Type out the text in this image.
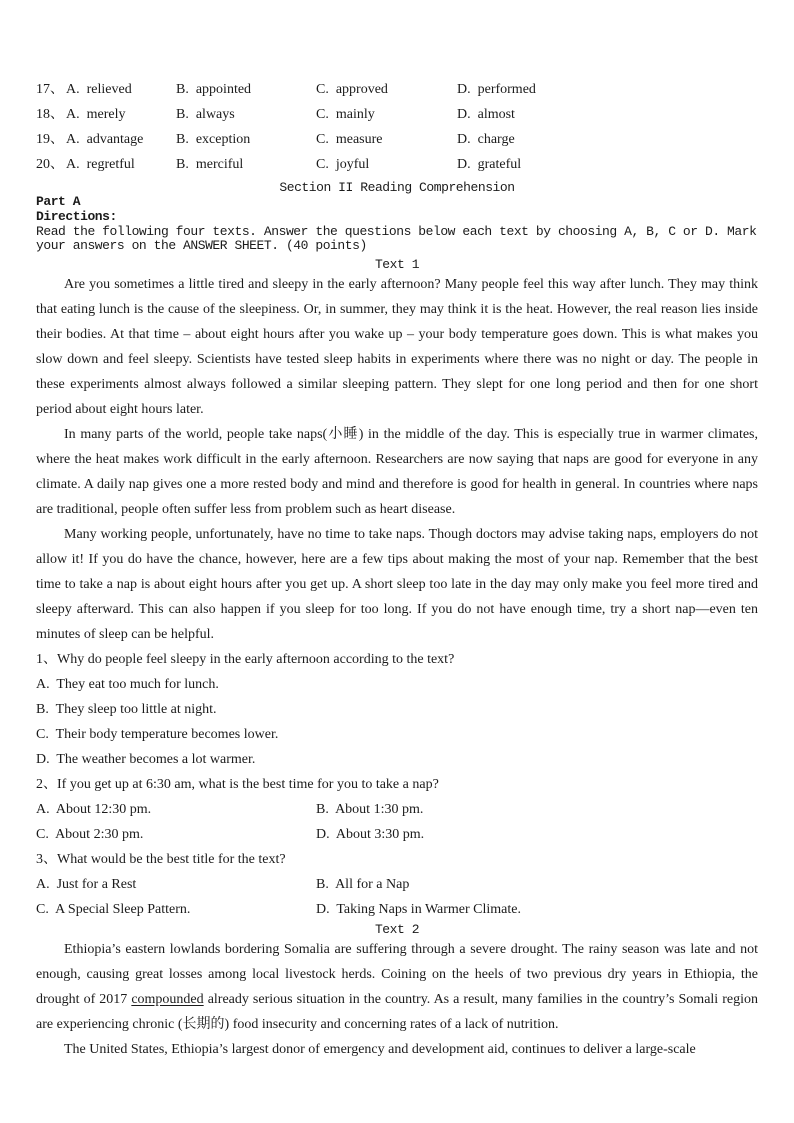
17、 A.  relieved	B.  appointed	C.  approved	D.  performed
18、 A.  merely	B.  always	C.  mainly	D.  almost
19、 A.  advantage	B.  exception	C.  measure	D.  charge
20、 A.  regretful	B.  merciful	C.  joyful	D.  grateful
Section II Reading Comprehension
Part A
Directions:
Read the following four texts. Answer the questions below each text by choosing A, B, C or D. Mark
your answers on the ANSWER SHEET. (40 points)
Text 1

Are you sometimes a little tired and sleepy in the early afternoon? Many people feel this way after lunch. They may think that eating lunch is the cause of the sleepiness. Or, in summer, they may think it is the heat. However, the real reason lies inside their bodies. At that time – about eight hours after you wake up – your body temperature goes down. This is what makes you slow down and feel sleepy. Scientists have tested sleep habits in experiments where there was no night or day. The people in these experiments almost always followed a similar sleeping pattern. They slept for one long period and then for one short period about eight hours later.

In many parts of the world, people take naps(小睡) in the middle of the day. This is especially true in warmer climates, where the heat makes work difficult in the early afternoon. Researchers are now saying that naps are good for everyone in any climate. A daily nap gives one a more rested body and mind and therefore is good for health in general. In countries where naps are traditional, people often suffer less from problem such as heart disease.

Many working people, unfortunately, have no time to take naps. Though doctors may advise taking naps, employers do not allow it! If you do have the chance, however, here are a few tips about making the most of your nap. Remember that the best time to take a nap is about eight hours after you get up. A short sleep too late in the day may only make you feel more tired and sleepy afterward. This can also happen if you sleep for too long. If you do not have enough time, try a short nap—even ten minutes of sleep can be helpful.

1、Why do people feel sleepy in the early afternoon according to the text?
A.  They eat too much for lunch.
B.  They sleep too little at night.
C.  Their body temperature becomes lower.
D.  The weather becomes a lot warmer.
2、If you get up at 6:30 am, what is the best time for you to take a nap?
A.  About 12:30 pm.	B.  About 1:30 pm.
C.  About 2:30 pm.	D.  About 3:30 pm.
3、What would be the best title for the text?
A.  Just for a Rest	B.  All for a Nap
C.  A Special Sleep Pattern.	D.  Taking Naps in Warmer Climate.
Text 2

Ethiopia’s eastern lowlands bordering Somalia are suffering through a severe drought. The rainy season was late and not enough, causing great losses among local livestock herds. Coining on the heels of two previous dry years in Ethiopia, the drought of 2017 compounded already serious situation in the country. As a result, many families in the country’s Somali region are experiencing chronic (长期的) food insecurity and concerning rates of a lack of nutrition.

The United States, Ethiopia’s largest donor of emergency and development aid, continues to deliver a large-scale
